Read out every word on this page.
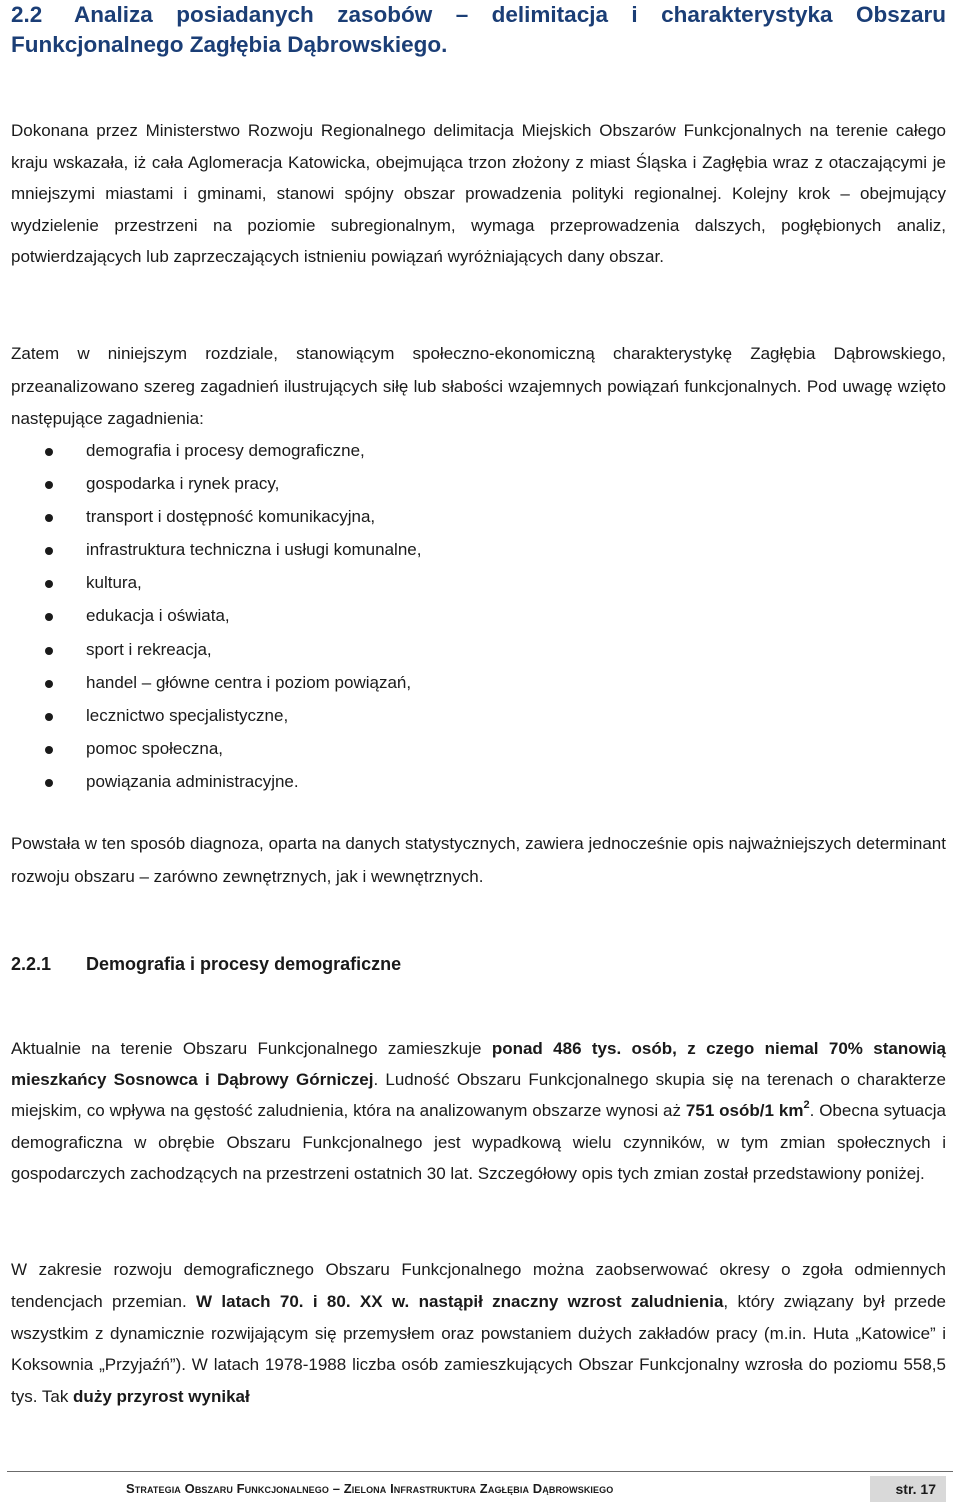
2.2 Analiza posiadanych zasobów – delimitacja i charakterystyka Obszaru Funkcjonalnego Zagłębia Dąbrowskiego.

Dokonana przez Ministerstwo Rozwoju Regionalnego delimitacja Miejskich Obszarów Funkcjonalnych na terenie całego kraju wskazała, iż cała Aglomeracja Katowicka, obejmująca trzon złożony z miast Śląska i Zagłębia wraz z otaczającymi je mniejszymi miastami i gminami, stanowi spójny obszar prowadzenia polityki regionalnej. Kolejny krok – obejmujący wydzielenie przestrzeni na poziomie subregionalnym, wymaga przeprowadzenia dalszych, pogłębionych analiz, potwierdzających lub zaprzeczających istnieniu powiązań wyróżniających dany obszar.

Zatem w niniejszym rozdziale, stanowiącym społeczno-ekonomiczną charakterystykę Zagłębia Dąbrowskiego, przeanalizowano szereg zagadnień ilustrujących siłę lub słabości wzajemnych powiązań funkcjonalnych. Pod uwagę wzięto następujące zagadnienia:

demografia i procesy demograficzne,
gospodarka i rynek pracy,
transport i dostępność komunikacyjna,
infrastruktura techniczna i usługi komunalne,
kultura,
edukacja i oświata,
sport i rekreacja,
handel – główne centra i poziom powiązań,
lecznictwo specjalistyczne,
pomoc społeczna,
powiązania administracyjne.

Powstała w ten sposób diagnoza, oparta na danych statystycznych, zawiera jednocześnie opis najważniejszych determinant rozwoju obszaru – zarówno zewnętrznych, jak i wewnętrznych.

2.2.1 Demografia i procesy demograficzne

Aktualnie na terenie Obszaru Funkcjonalnego zamieszkuje ponad 486 tys. osób, z czego niemal 70% stanowią mieszkańcy Sosnowca i Dąbrowy Górniczej. Ludność Obszaru Funkcjonalnego skupia się na terenach o charakterze miejskim, co wpływa na gęstość zaludnienia, która na analizowanym obszarze wynosi aż 751 osób/1 $km^2$. Obecna sytuacja demograficzna w obrębie Obszaru Funkcjonalnego jest wypadkową wielu czynników, w tym zmian społecznych i gospodarczych zachodzących na przestrzeni ostatnich 30 lat. Szczegółowy opis tych zmian został przedstawiony poniżej.

W zakresie rozwoju demograficznego Obszaru Funkcjonalnego można zaobserwować okresy o zgoła odmiennych tendencjach przemian. W latach 70. i 80. XX w. nastąpił znaczny wzrost zaludnienia, który związany był przede wszystkim z dynamicznie rozwijającym się przemysłem oraz powstaniem dużych zakładów pracy (m.in. Huta „Katowice” i Koksownia „Przyjaźń”). W latach 1978-1988 liczba osób zamieszkujących Obszar Funkcjonalny wzrosła do poziomu 558,5 tys. Tak duży przyrost wynikał

Strategia Obszaru Funkcjonalnego – Zielona Infrastruktura Zagłębia Dąbrowskiego	str. 17
